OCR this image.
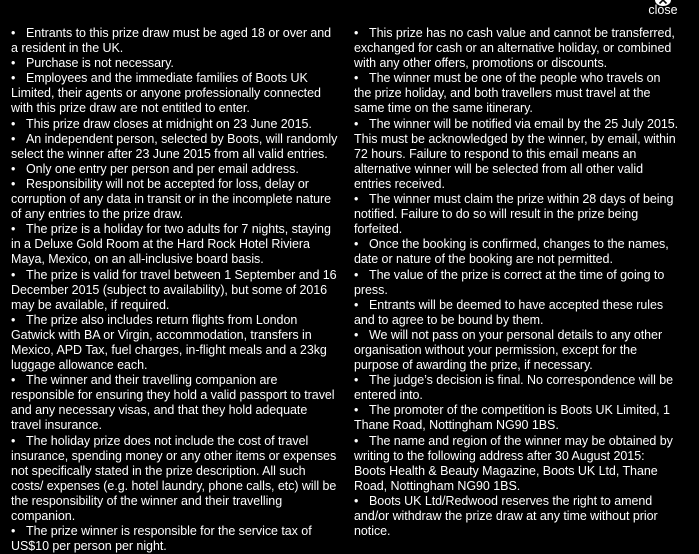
close

• Entrants to this prize draw must be aged 18 or over and a resident in the UK.

• Purchase is not necessary.

• Employees and the immediate families of Boots UK Limited, their agents or anyone professionally connected with this prize draw are not entitled to enter.

• This prize draw closes at midnight on 23 June 2015.

• An independent person, selected by Boots, will randomly select the winner after 23 June 2015 from all valid entries.

• Only one entry per person and per email address.

• Responsibility will not be accepted for loss, delay or corruption of any data in transit or in the incomplete nature of any entries to the prize draw.

• The prize is a holiday for two adults for 7 nights, staying in a Deluxe Gold Room at the Hard Rock Hotel Riviera Maya, Mexico, on an all-inclusive board basis.

• The prize is valid for travel between 1 September and 16 December 2015 (subject to availability), but some of 2016 may be available, if required.

• The prize also includes return flights from London Gatwick with BA or Virgin, accommodation, transfers in Mexico, APD Tax, fuel charges, in-flight meals and a 23kg luggage allowance each.

• The winner and their travelling companion are responsible for ensuring they hold a valid passport to travel and any necessary visas, and that they hold adequate travel insurance.

• The holiday prize does not include the cost of travel insurance, spending money or any other items or expenses not specifically stated in the prize description. All such costs/ expenses (e.g. hotel laundry, phone calls, etc) will be the responsibility of the winner and their travelling companion.

• The prize winner is responsible for the service tax of US$10 per person per night.

• This prize has no cash value and cannot be transferred, exchanged for cash or an alternative holiday, or combined with any other offers, promotions or discounts.

• The winner must be one of the people who travels on the prize holiday, and both travellers must travel at the same time on the same itinerary.

• The winner will be notified via email by the 25 July 2015. This must be acknowledged by the winner, by email, within 72 hours. Failure to respond to this email means an alternative winner will be selected from all other valid entries received.

• The winner must claim the prize within 28 days of being notified. Failure to do so will result in the prize being forfeited.

• Once the booking is confirmed, changes to the names, date or nature of the booking are not permitted.

• The value of the prize is correct at the time of going to press.

• Entrants will be deemed to have accepted these rules and to agree to be bound by them.

• We will not pass on your personal details to any other organisation without your permission, except for the purpose of awarding the prize, if necessary.

• The judge’s decision is final. No correspondence will be entered into.

• The promoter of the competition is Boots UK Limited, 1 Thane Road, Nottingham NG90 1BS.

• The name and region of the winner may be obtained by writing to the following address after 30 August 2015: Boots Health & Beauty Magazine, Boots UK Ltd, Thane Road, Nottingham NG90 1BS.

• Boots UK Ltd/Redwood reserves the right to amend and/or withdraw the prize draw at any time without prior notice.
